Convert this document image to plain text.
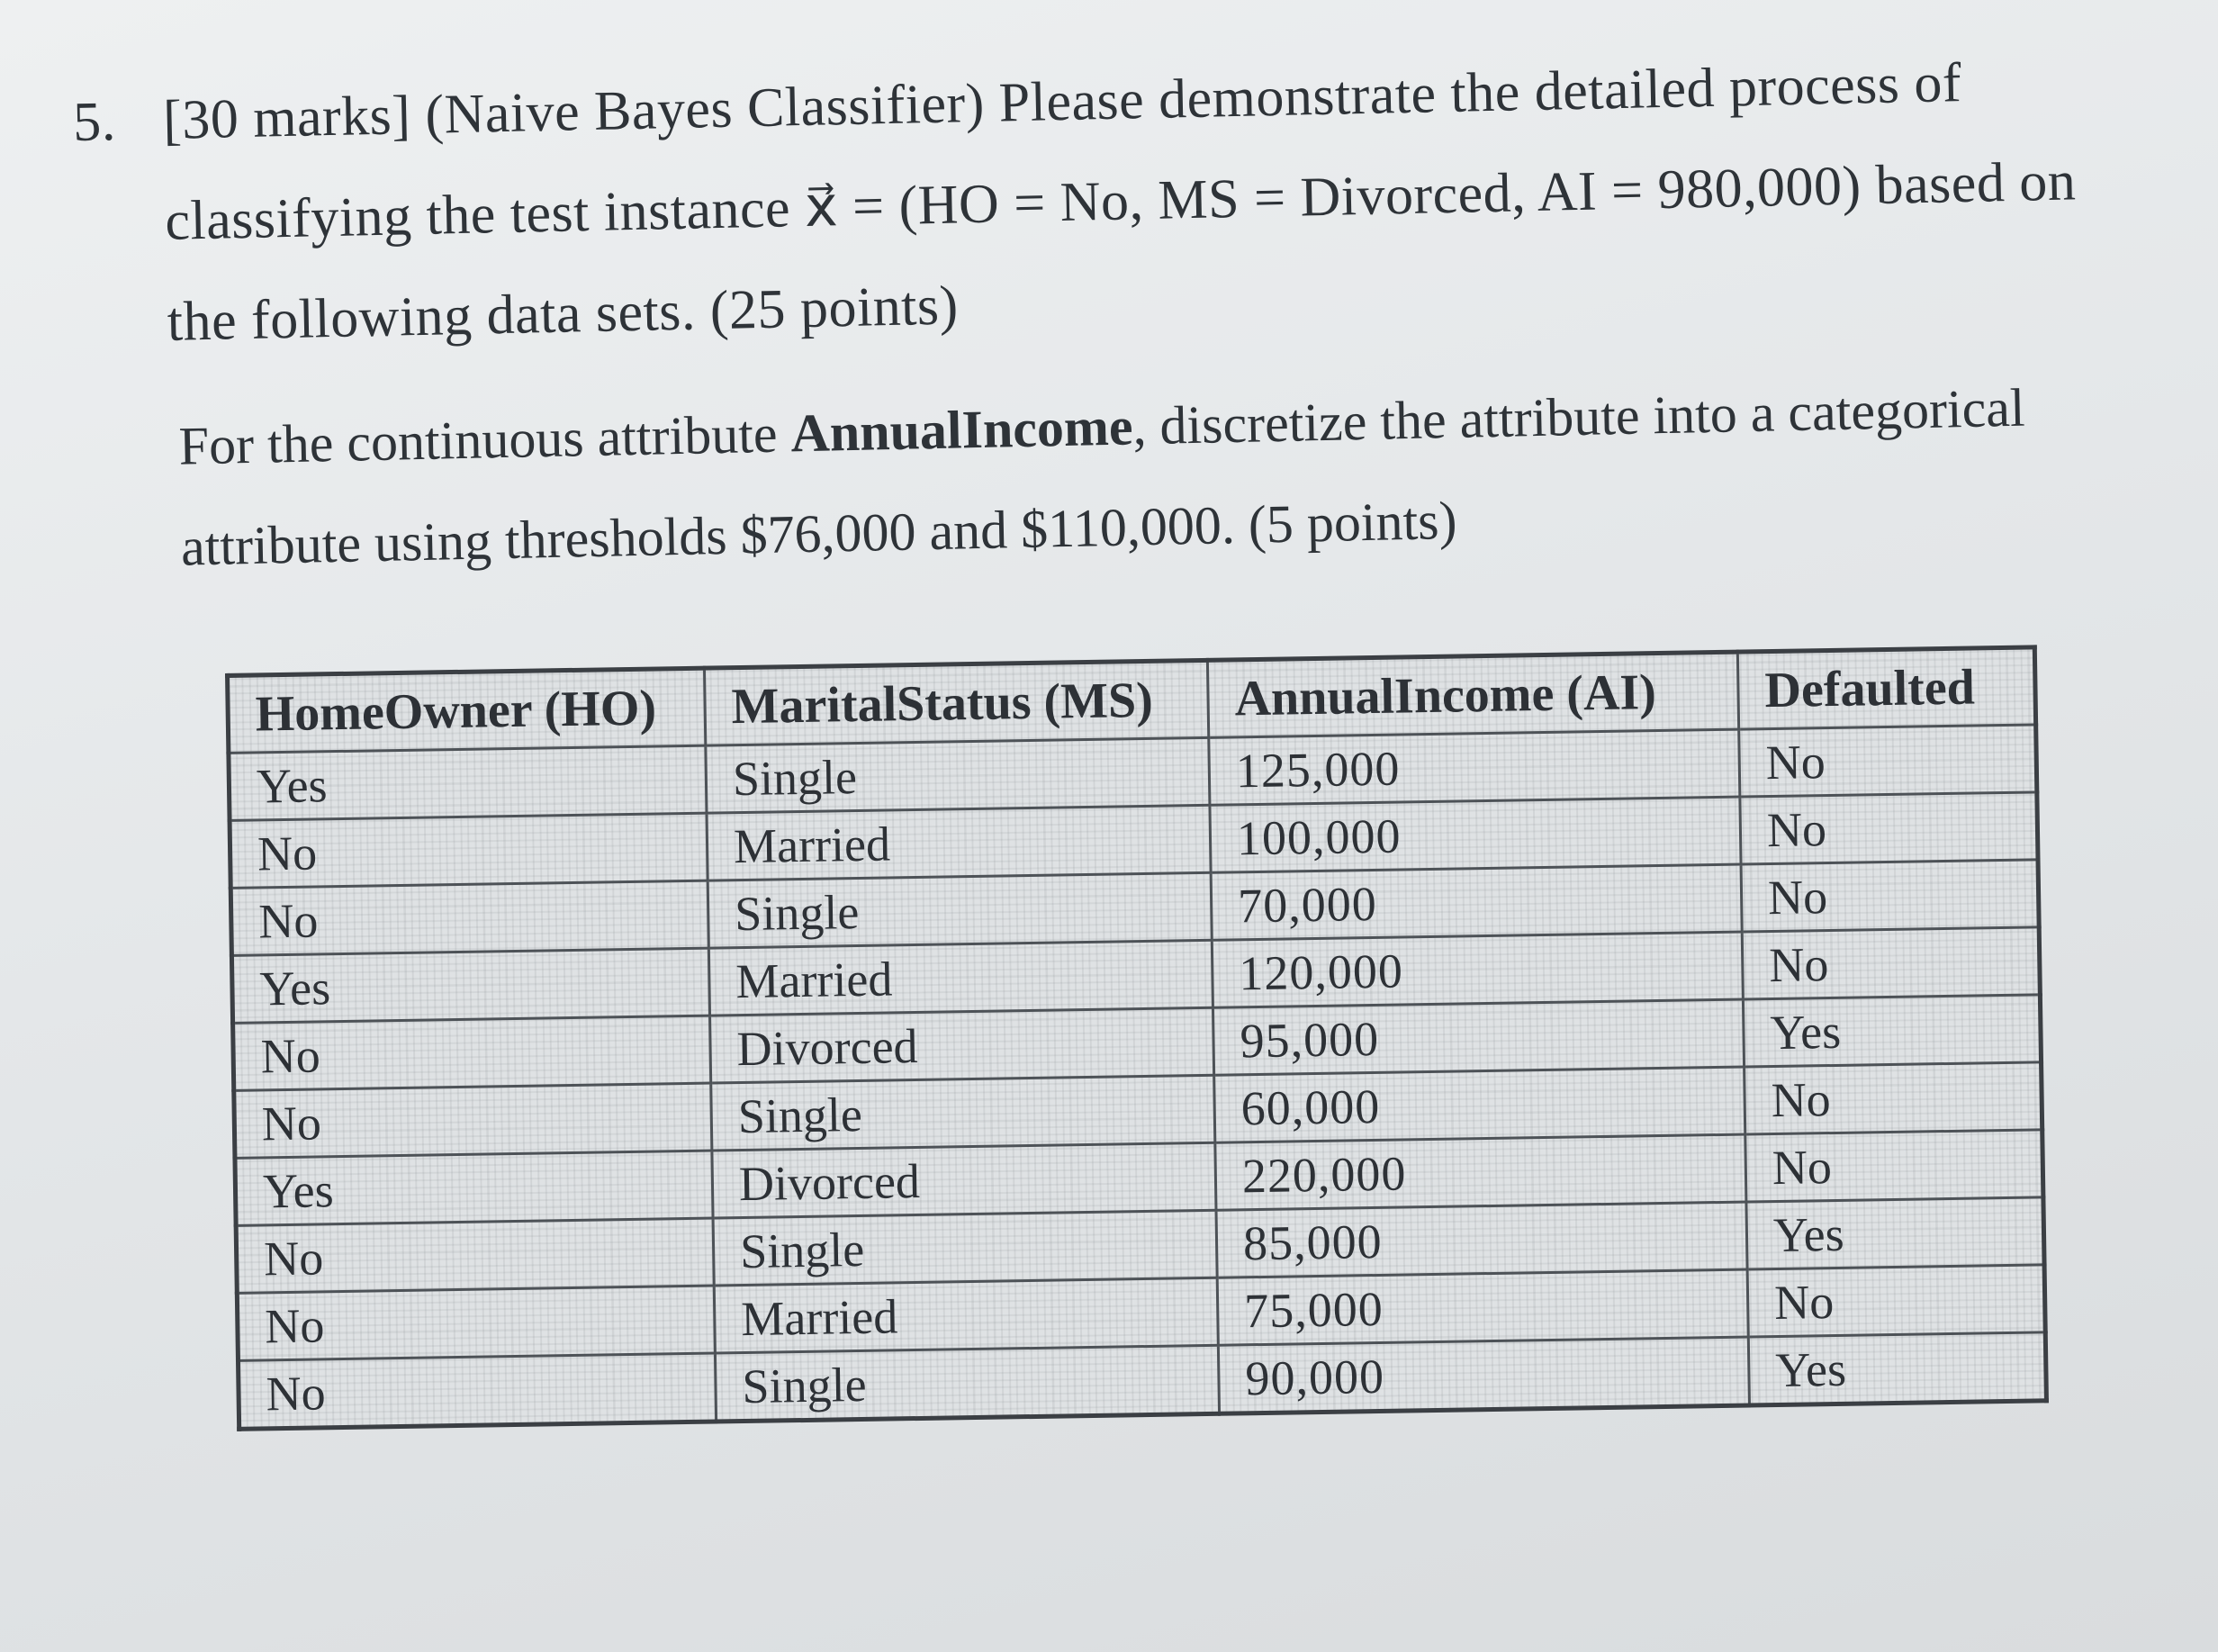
5. [30 marks] (Naive Bayes Classifier) Please demonstrate the detailed process of
classifying the test instance x⃗ = (HO = No, MS = Divorced, AI = 980,000) based on
the following data sets. (25 points)
For the continuous attribute AnnualIncome, discretize the attribute into a categorical
attribute using thresholds $76,000 and $110,000. (5 points)
HomeOwner (HO)	MaritalStatus (MS)	AnnualIncome (AI)	Defaulted
Yes	Single	125,000	No
No	Married	100,000	No
No	Single	70,000	No
Yes	Married	120,000	No
No	Divorced	95,000	Yes
No	Single	60,000	No
Yes	Divorced	220,000	No
No	Single	85,000	Yes
No	Married	75,000	No
No	Single	90,000	Yes
